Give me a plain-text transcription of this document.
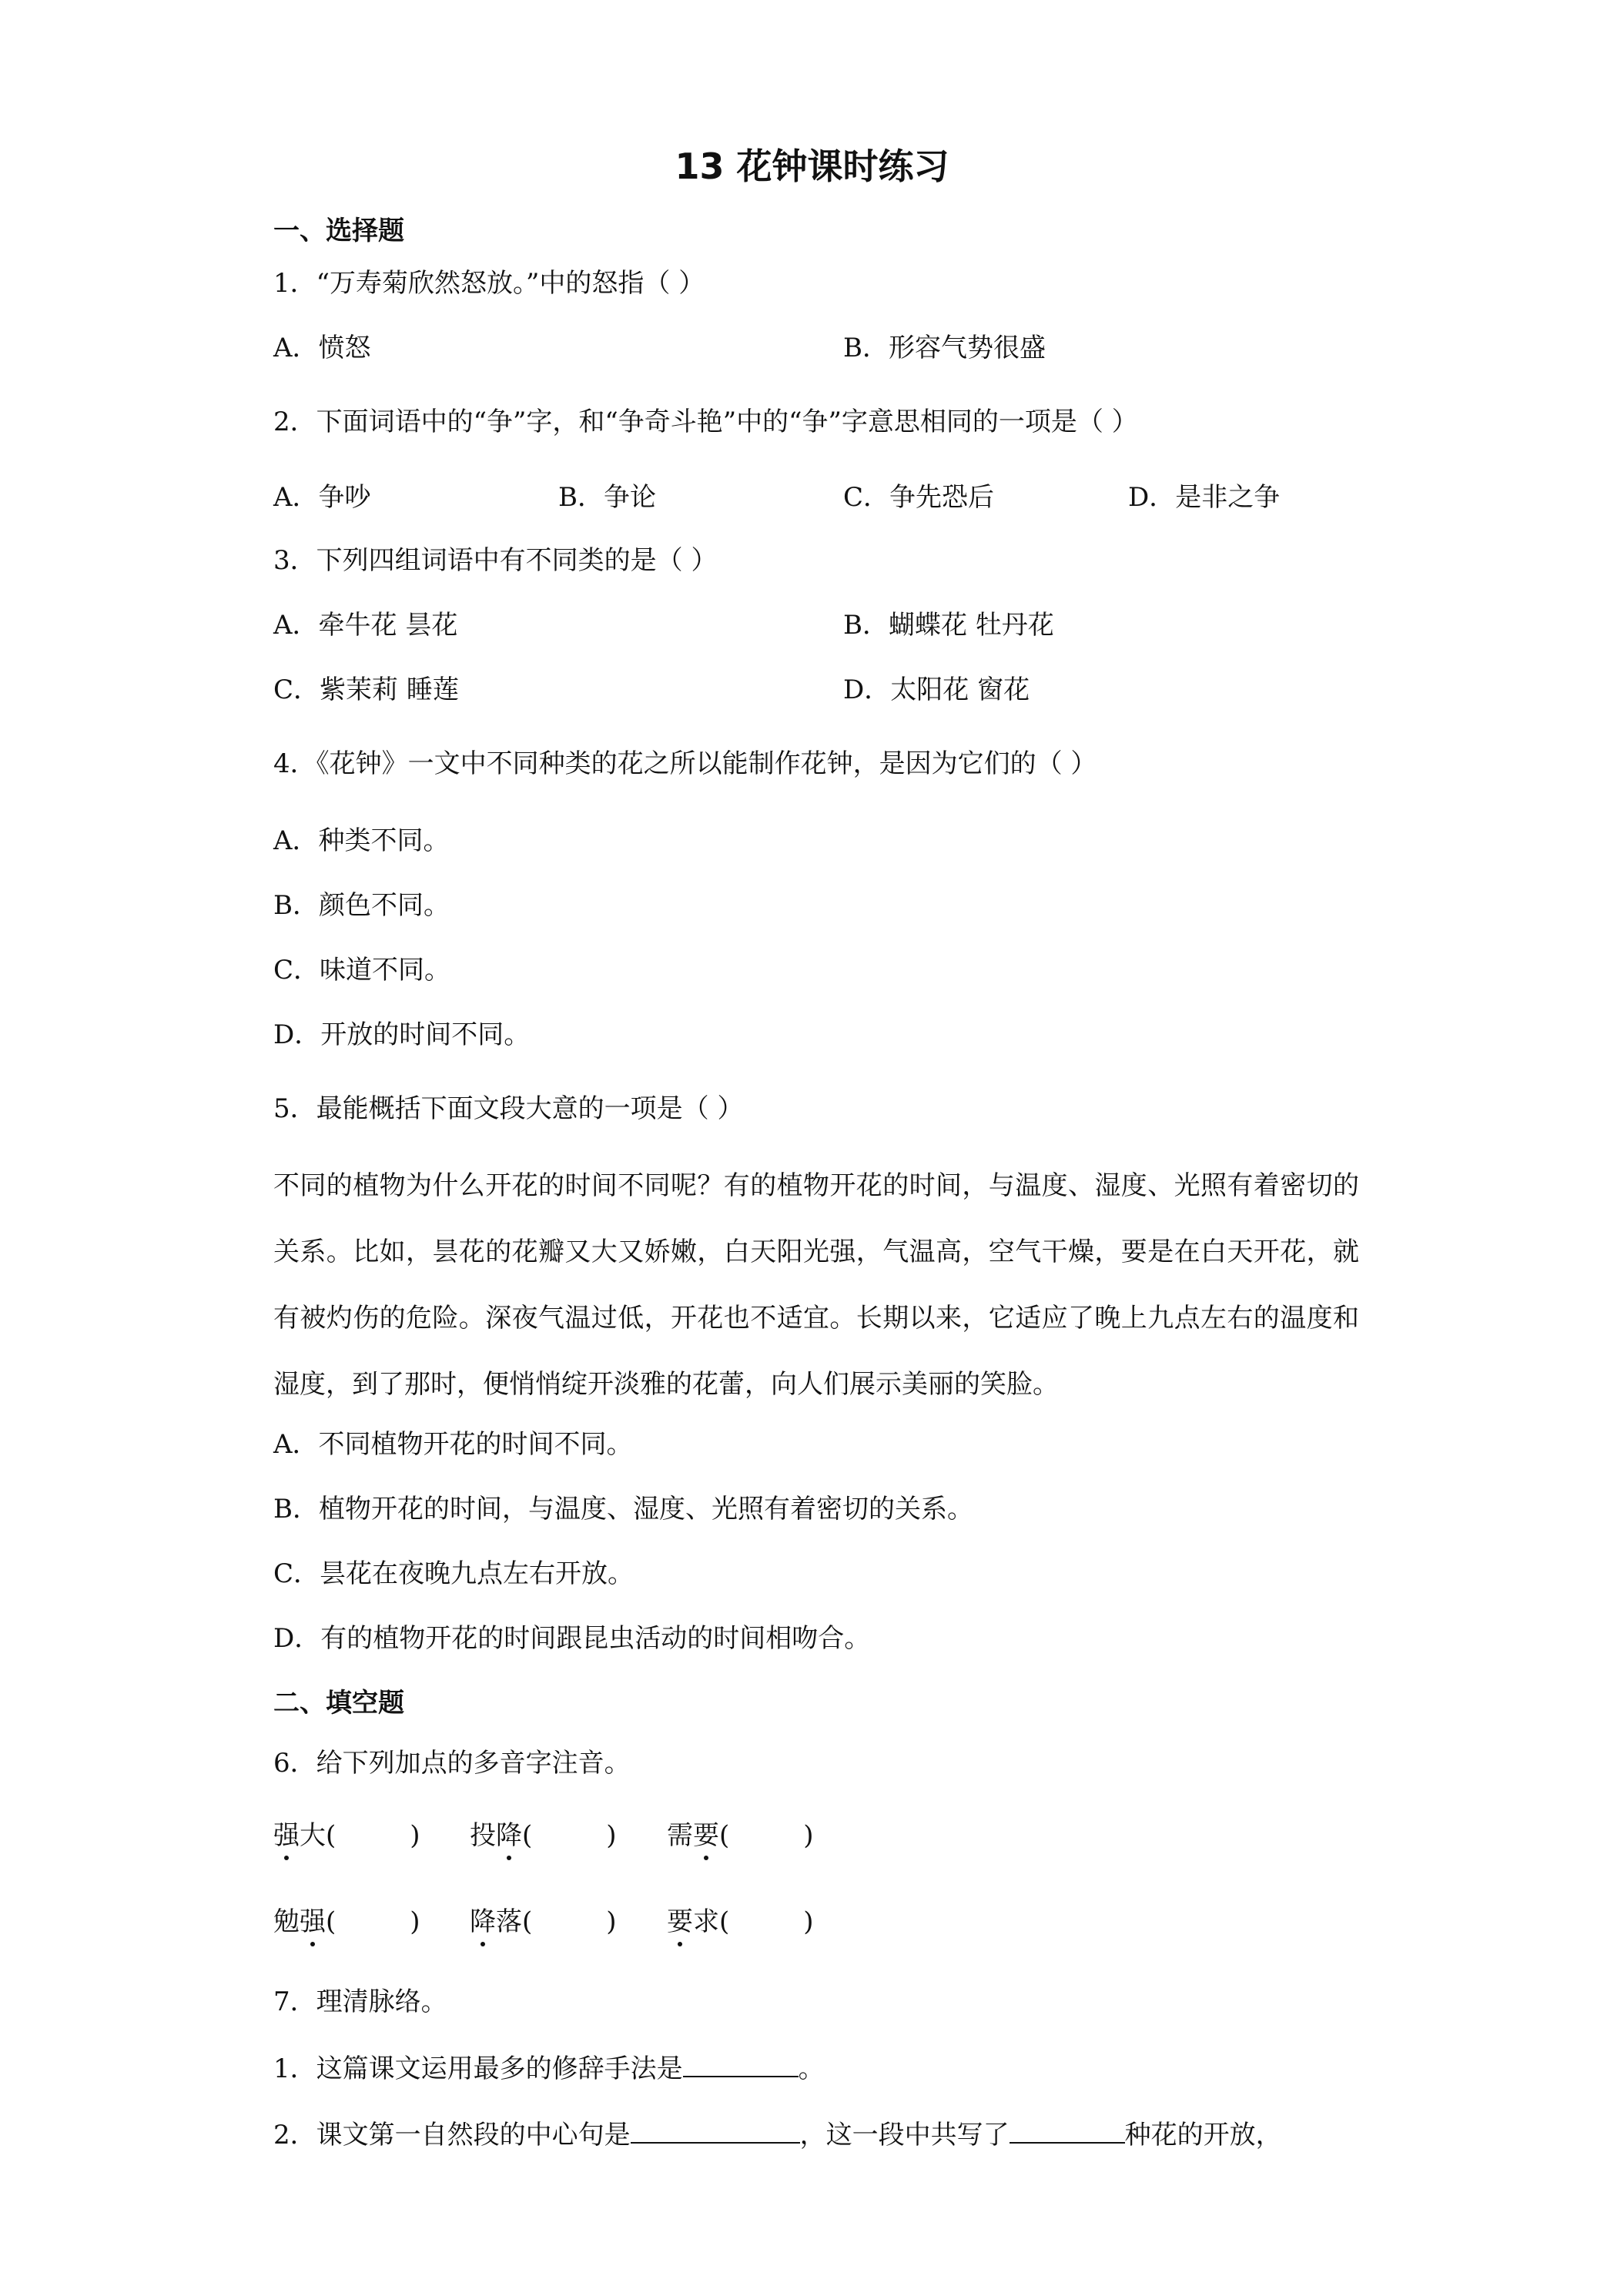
13 花钟课时练习
一、选择题
1．“万寿菊欣然怒放。”中的怒指（ ）
A．愤怒	B．形容气势很盛
2．下面词语中的“争”字，和“争奇斗艳”中的“争”字意思相同的一项是（ ）
A．争吵	B．争论	C．争先恐后	D．是非之争
3．下列四组词语中有不同类的是（ ）
A．牵牛花 昙花	B．蝴蝶花 牡丹花
C．紫茉莉 睡莲	D．太阳花 窗花
4．《花钟》一文中不同种类的花之所以能制作花钟，是因为它们的（ ）
A．种类不同。
B．颜色不同。
C．味道不同。
D．开放的时间不同。
5．最能概括下面文段大意的一项是（ ）
不同的植物为什么开花的时间不同呢？有的植物开花的时间，与温度、湿度、光照有着密切的关系。比如，昙花的花瓣又大又娇嫩，白天阳光强，气温高，空气干燥，要是在白天开花，就有被灼伤的危险。深夜气温过低，开花也不适宜。长期以来，它适应了晚上九点左右的温度和湿度，到了那时，便悄悄绽开淡雅的花蕾，向人们展示美丽的笑脸。
A．不同植物开花的时间不同。
B．植物开花的时间，与温度、湿度、光照有着密切的关系。
C．昙花在夜晚九点左右开放。
D．有的植物开花的时间跟昆虫活动的时间相吻合。
二、填空题
6．给下列加点的多音字注音。
强大(	) 投降(	) 需要(	)
勉强(	) 降落(	) 要求(	)
7．理清脉络。
1．这篇课文运用最多的修辞手法是	。
2．课文第一自然段的中心句是	，这一段中共写了	种花的开放，
